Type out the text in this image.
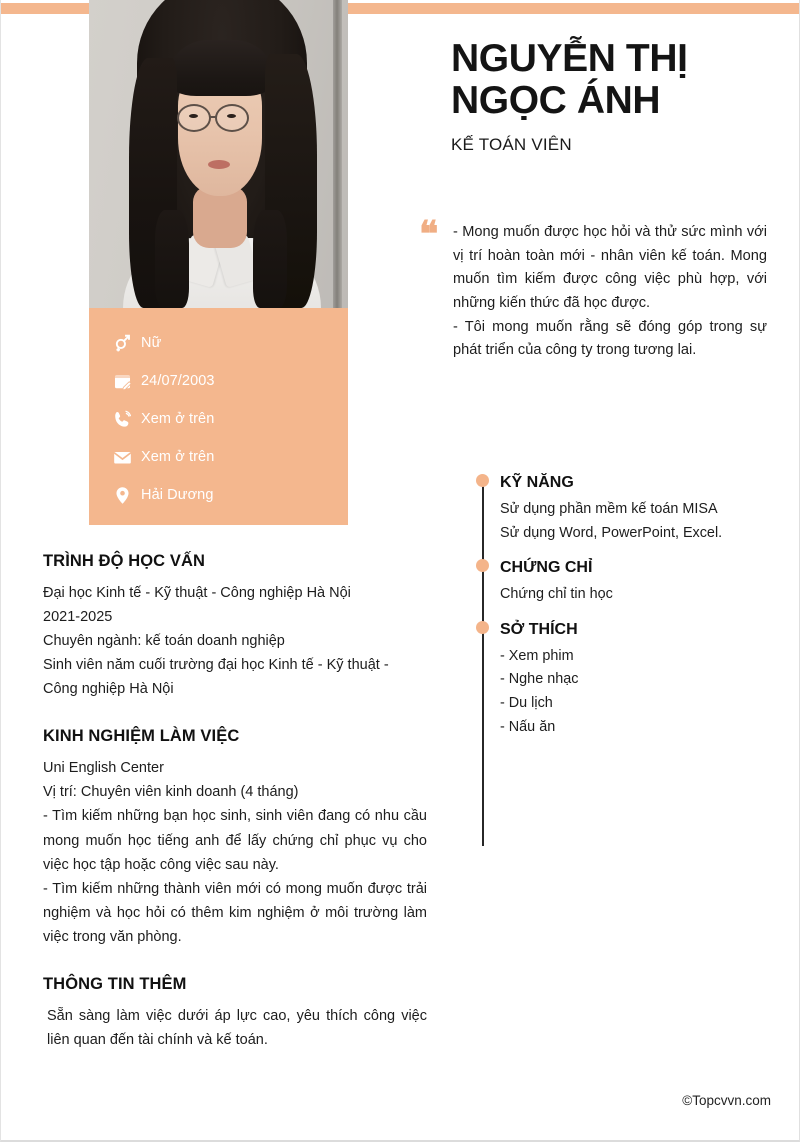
Nữ
24/07/2003
Xem ở trên
Xem ở trên
Hải Dương
NGUYỄN THỊ NGỌC ÁNH
KẾ TOÁN VIÊN
❝	- Mong muốn được học hỏi và thử sức mình với vị trí hoàn toàn mới - nhân viên kế toán. Mong muốn tìm kiếm được công việc phù hợp, với những kiến thức đã học được.

- Tôi mong muốn rằng sẽ đóng góp trong sự phát triển của công ty trong tương lai.

TRÌNH ĐỘ HỌC VẤN

Đại học Kinh tế - Kỹ thuật - Công nghiệp Hà Nội

2021-2025

Chuyên ngành: kế toán doanh nghiệp

Sinh viên năm cuối trường đại học Kinh tế - Kỹ thuật - Công nghiệp Hà Nội

KINH NGHIỆM LÀM VIỆC

Uni English Center

Vị trí: Chuyên viên kinh doanh (4 tháng)

- Tìm kiếm những bạn học sinh, sinh viên đang có nhu cầu mong muốn học tiếng anh để lấy chứng chỉ phục vụ cho việc học tập hoặc công việc sau này.

- Tìm kiếm những thành viên mới có mong muốn được trải nghiệm và học hỏi có thêm kim nghiệm ở môi trường làm việc trong văn phòng.

THÔNG TIN THÊM

Sẵn sàng làm việc dưới áp lực cao, yêu thích công việc liên quan đến tài chính và kế toán.

KỸ NĂNG

Sử dụng phần mềm kế toán MISA

Sử dụng Word, PowerPoint, Excel.

CHỨNG CHỈ

Chứng chỉ tin học

SỞ THÍCH

- Xem phim

- Nghe nhạc

- Du lịch

- Nấu ăn

©Topcvvn.com
